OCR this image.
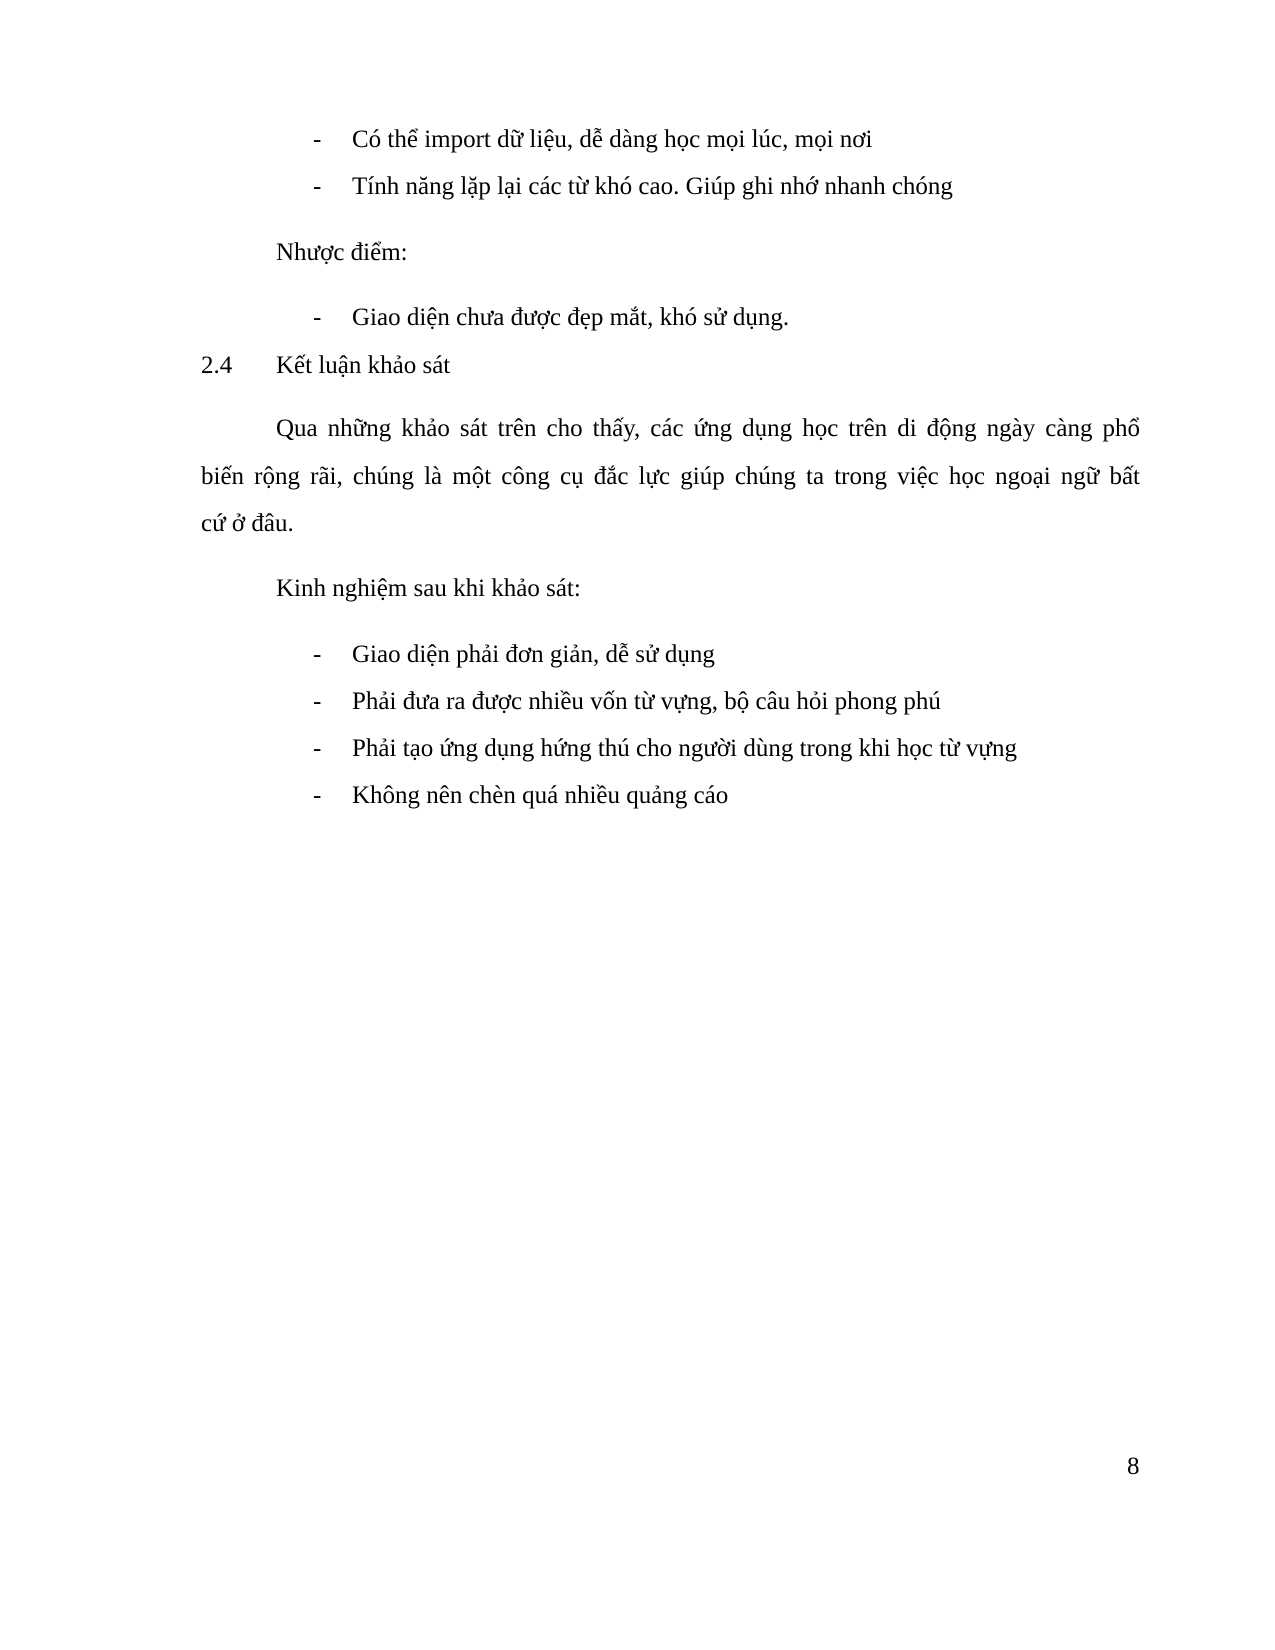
- Có thể import dữ liệu, dễ dàng học mọi lúc, mọi nơi
- Tính năng lặp lại các từ khó cao. Giúp ghi nhớ nhanh chóng
Nhược điểm:
- Giao diện chưa được đẹp mắt, khó sử dụng.
2.4 Kết luận khảo sát
Qua những khảo sát trên cho thấy, các ứng dụng học trên di động ngày càng phổ
biến rộng rãi, chúng là một công cụ đắc lực giúp chúng ta trong việc học ngoại ngữ bất
cứ ở đâu.
Kinh nghiệm sau khi khảo sát:
- Giao diện phải đơn giản, dễ sử dụng
- Phải đưa ra được nhiều vốn từ vựng, bộ câu hỏi phong phú
- Phải tạo ứng dụng hứng thú cho người dùng trong khi học từ vựng
- Không nên chèn quá nhiều quảng cáo
8
